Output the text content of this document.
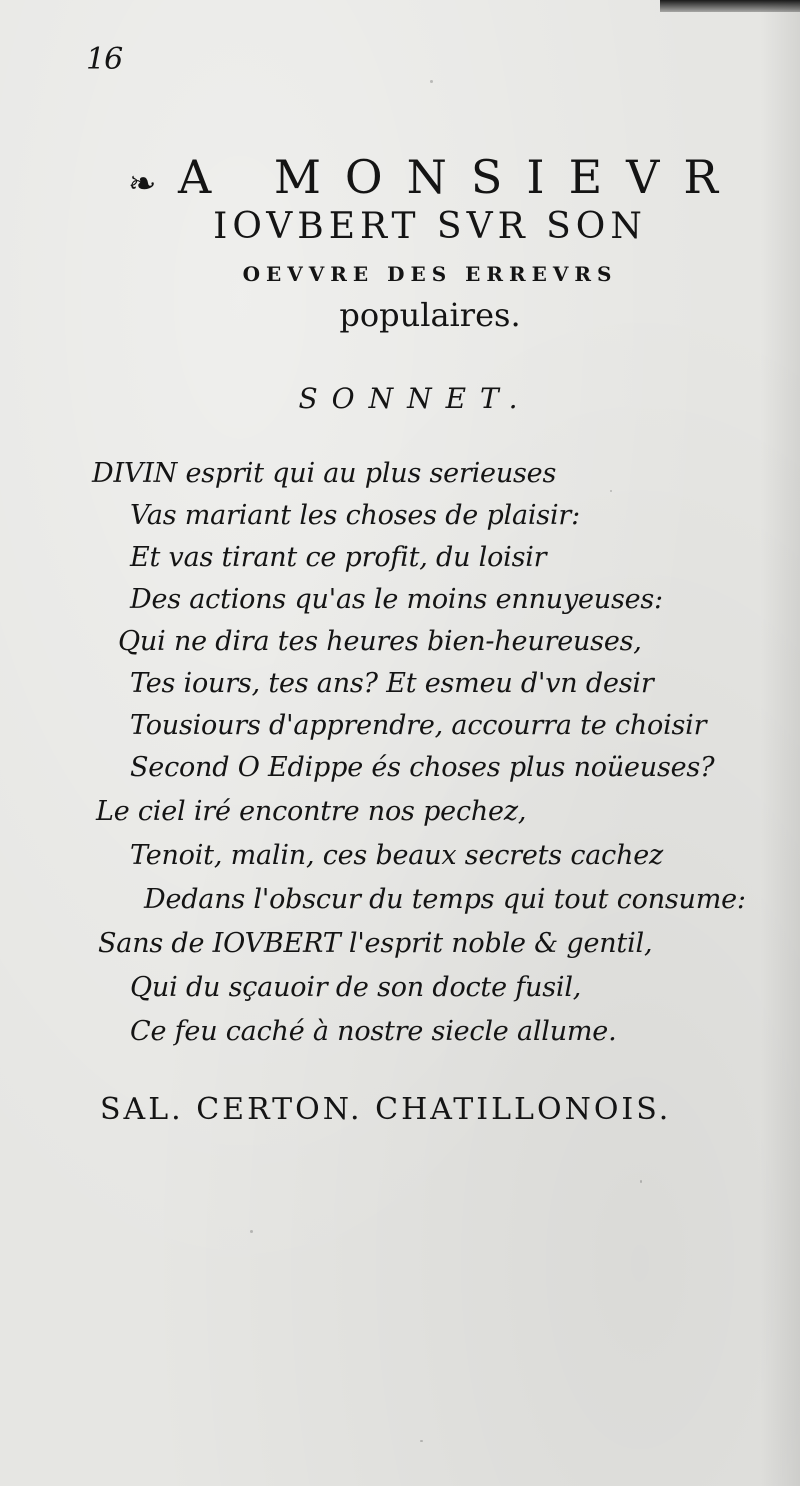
16
❧ A MONSIEVR
IOVBERT SVR SON
OEVVRE DES ERREVRS
populaires.
SONNET.
DIVIN esprit qui au plus serieuses
Vas mariant les choses de plaisir:
Et vas tirant ce profit, du loisir
Des actions qu'as le moins ennuyeuses:
Qui ne dira tes heures bien-heureuses,
Tes iours, tes ans? Et esmeu d'vn desir
Tousiours d'apprendre, accourra te choisir
Second O Edippe és choses plus noüeuses?
Le ciel iré encontre nos pechez,
Tenoit, malin, ces beaux secrets cachez
Dedans l'obscur du temps qui tout consume:
Sans de IOVBERT l'esprit noble & gentil,
Qui du sçauoir de son docte fusil,
Ce feu caché à nostre siecle allume.
SAL. CERTON. CHATILLONOIS.
